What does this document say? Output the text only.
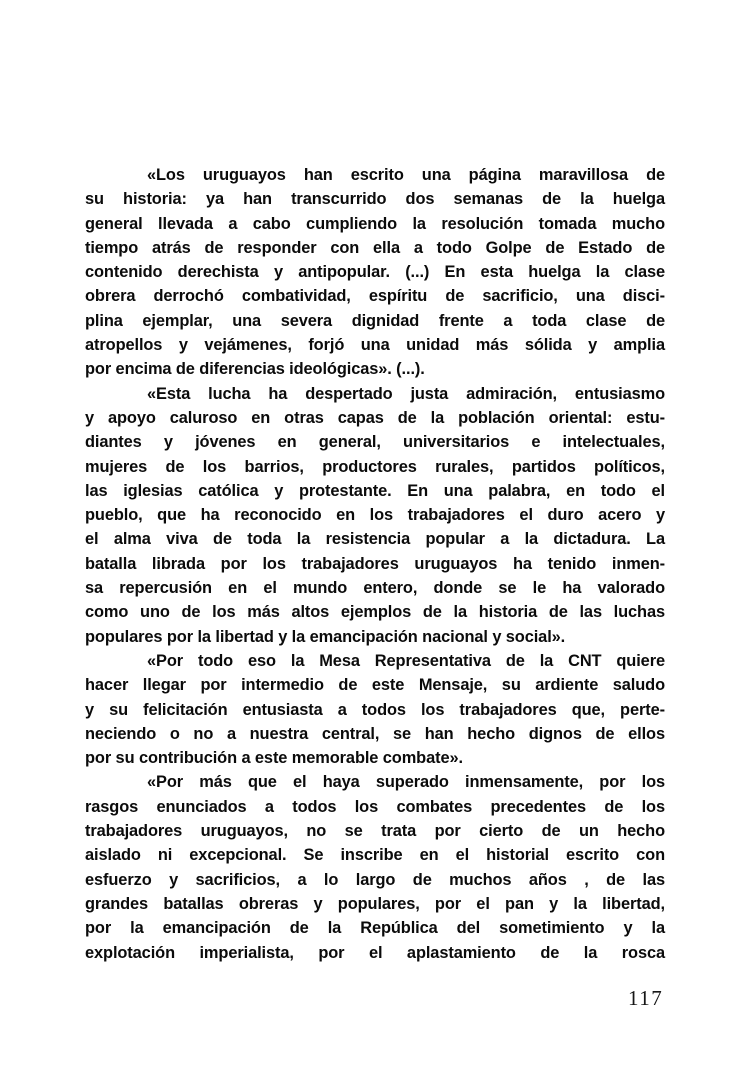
«Los uruguayos han escrito una página maravillosa de
su historia: ya han transcurrido dos semanas de la huelga
general llevada a cabo cumpliendo la resolución tomada mucho
tiempo atrás de responder con ella a todo Golpe de Estado de
contenido derechista y antipopular. (...) En esta huelga la clase
obrera derrochó combatividad, espíritu de sacrificio, una disci-
plina ejemplar, una severa dignidad frente a toda clase de
atropellos y vejámenes, forjó una unidad más sólida y amplia
por encima de diferencias ideológicas». (...).
«Esta lucha ha despertado justa admiración, entusiasmo
y apoyo caluroso en otras capas de la población oriental: estu-
diantes y jóvenes en general, universitarios e intelectuales,
mujeres de los barrios, productores rurales, partidos políticos,
las iglesias católica y protestante. En una palabra, en todo el
pueblo, que ha reconocido en los trabajadores el duro acero y
el alma viva de toda la resistencia popular a la dictadura. La
batalla librada por los trabajadores uruguayos ha tenido inmen-
sa repercusión en el mundo entero, donde se le ha valorado
como uno de los más altos ejemplos de la historia de las luchas
populares por la libertad y la emancipación nacional y social».
«Por todo eso la Mesa Representativa de la CNT quiere
hacer llegar por intermedio de este Mensaje, su ardiente saludo
y su felicitación entusiasta a todos los trabajadores que, perte-
neciendo o no a nuestra central, se han hecho dignos de ellos
por su contribución a este memorable combate».
«Por más que el haya superado inmensamente, por los
rasgos enunciados a todos los combates precedentes de los
trabajadores uruguayos, no se trata por cierto de un hecho
aislado ni excepcional. Se inscribe en el historial escrito con
esfuerzo y sacrificios, a lo largo de muchos años , de las
grandes batallas obreras y populares, por el pan y la libertad,
por la emancipación de la República del sometimiento y la
explotación imperialista, por el aplastamiento de la rosca
117
